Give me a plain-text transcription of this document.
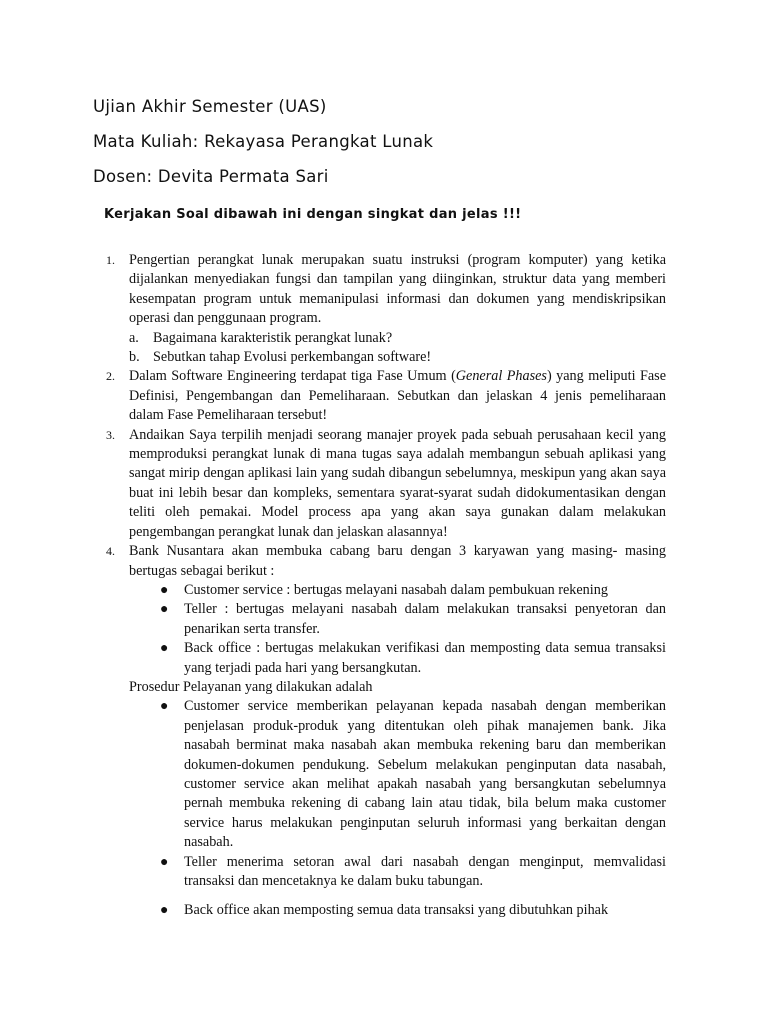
Ujian Akhir Semester (UAS)
Mata Kuliah: Rekayasa Perangkat Lunak
Dosen: Devita Permata Sari
Kerjakan Soal dibawah ini dengan singkat dan jelas !!!
1. Pengertian perangkat lunak merupakan suatu instruksi (program komputer) yang ketika dijalankan menyediakan fungsi dan tampilan yang diinginkan, struktur data yang memberi kesempatan program untuk memanipulasi informasi dan dokumen yang mendiskripsikan operasi dan penggunaan program.
a. Bagaimana karakteristik perangkat lunak?
b. Sebutkan tahap Evolusi perkembangan software!
2. Dalam Software Engineering terdapat tiga Fase Umum (General Phases) yang meliputi Fase Definisi, Pengembangan dan Pemeliharaan. Sebutkan dan jelaskan 4 jenis pemeliharaan dalam Fase Pemeliharaan tersebut!
3. Andaikan Saya terpilih menjadi seorang manajer proyek pada sebuah perusahaan kecil yang memproduksi perangkat lunak di mana tugas saya adalah membangun sebuah aplikasi yang sangat mirip dengan aplikasi lain yang sudah dibangun sebelumnya, meskipun yang akan saya buat ini lebih besar dan kompleks, sementara syarat-syarat sudah didokumentasikan dengan teliti oleh pemakai. Model process apa yang akan saya gunakan dalam melakukan pengembangan perangkat lunak dan jelaskan alasannya!
4. Bank Nusantara akan membuka cabang baru dengan 3 karyawan yang masing- masing bertugas sebagai berikut :
● Customer service : bertugas melayani nasabah dalam pembukuan rekening
● Teller : bertugas melayani nasabah dalam melakukan transaksi penyetoran dan penarikan serta transfer.
● Back office : bertugas melakukan verifikasi dan memposting data semua transaksi yang terjadi pada hari yang bersangkutan.
Prosedur Pelayanan yang dilakukan adalah
● Customer service memberikan pelayanan kepada nasabah dengan memberikan penjelasan produk-produk yang ditentukan oleh pihak manajemen bank. Jika nasabah berminat maka nasabah akan membuka rekening baru dan memberikan dokumen-dokumen pendukung. Sebelum melakukan penginputan data nasabah, customer service akan melihat apakah nasabah yang bersangkutan sebelumnya pernah membuka rekening di cabang lain atau tidak, bila belum maka customer service harus melakukan penginputan seluruh informasi yang berkaitan dengan nasabah.
● Teller menerima setoran awal dari nasabah dengan menginput, memvalidasi transaksi dan mencetaknya ke dalam buku tabungan.
● Back office akan memposting semua data transaksi yang dibutuhkan pihak
